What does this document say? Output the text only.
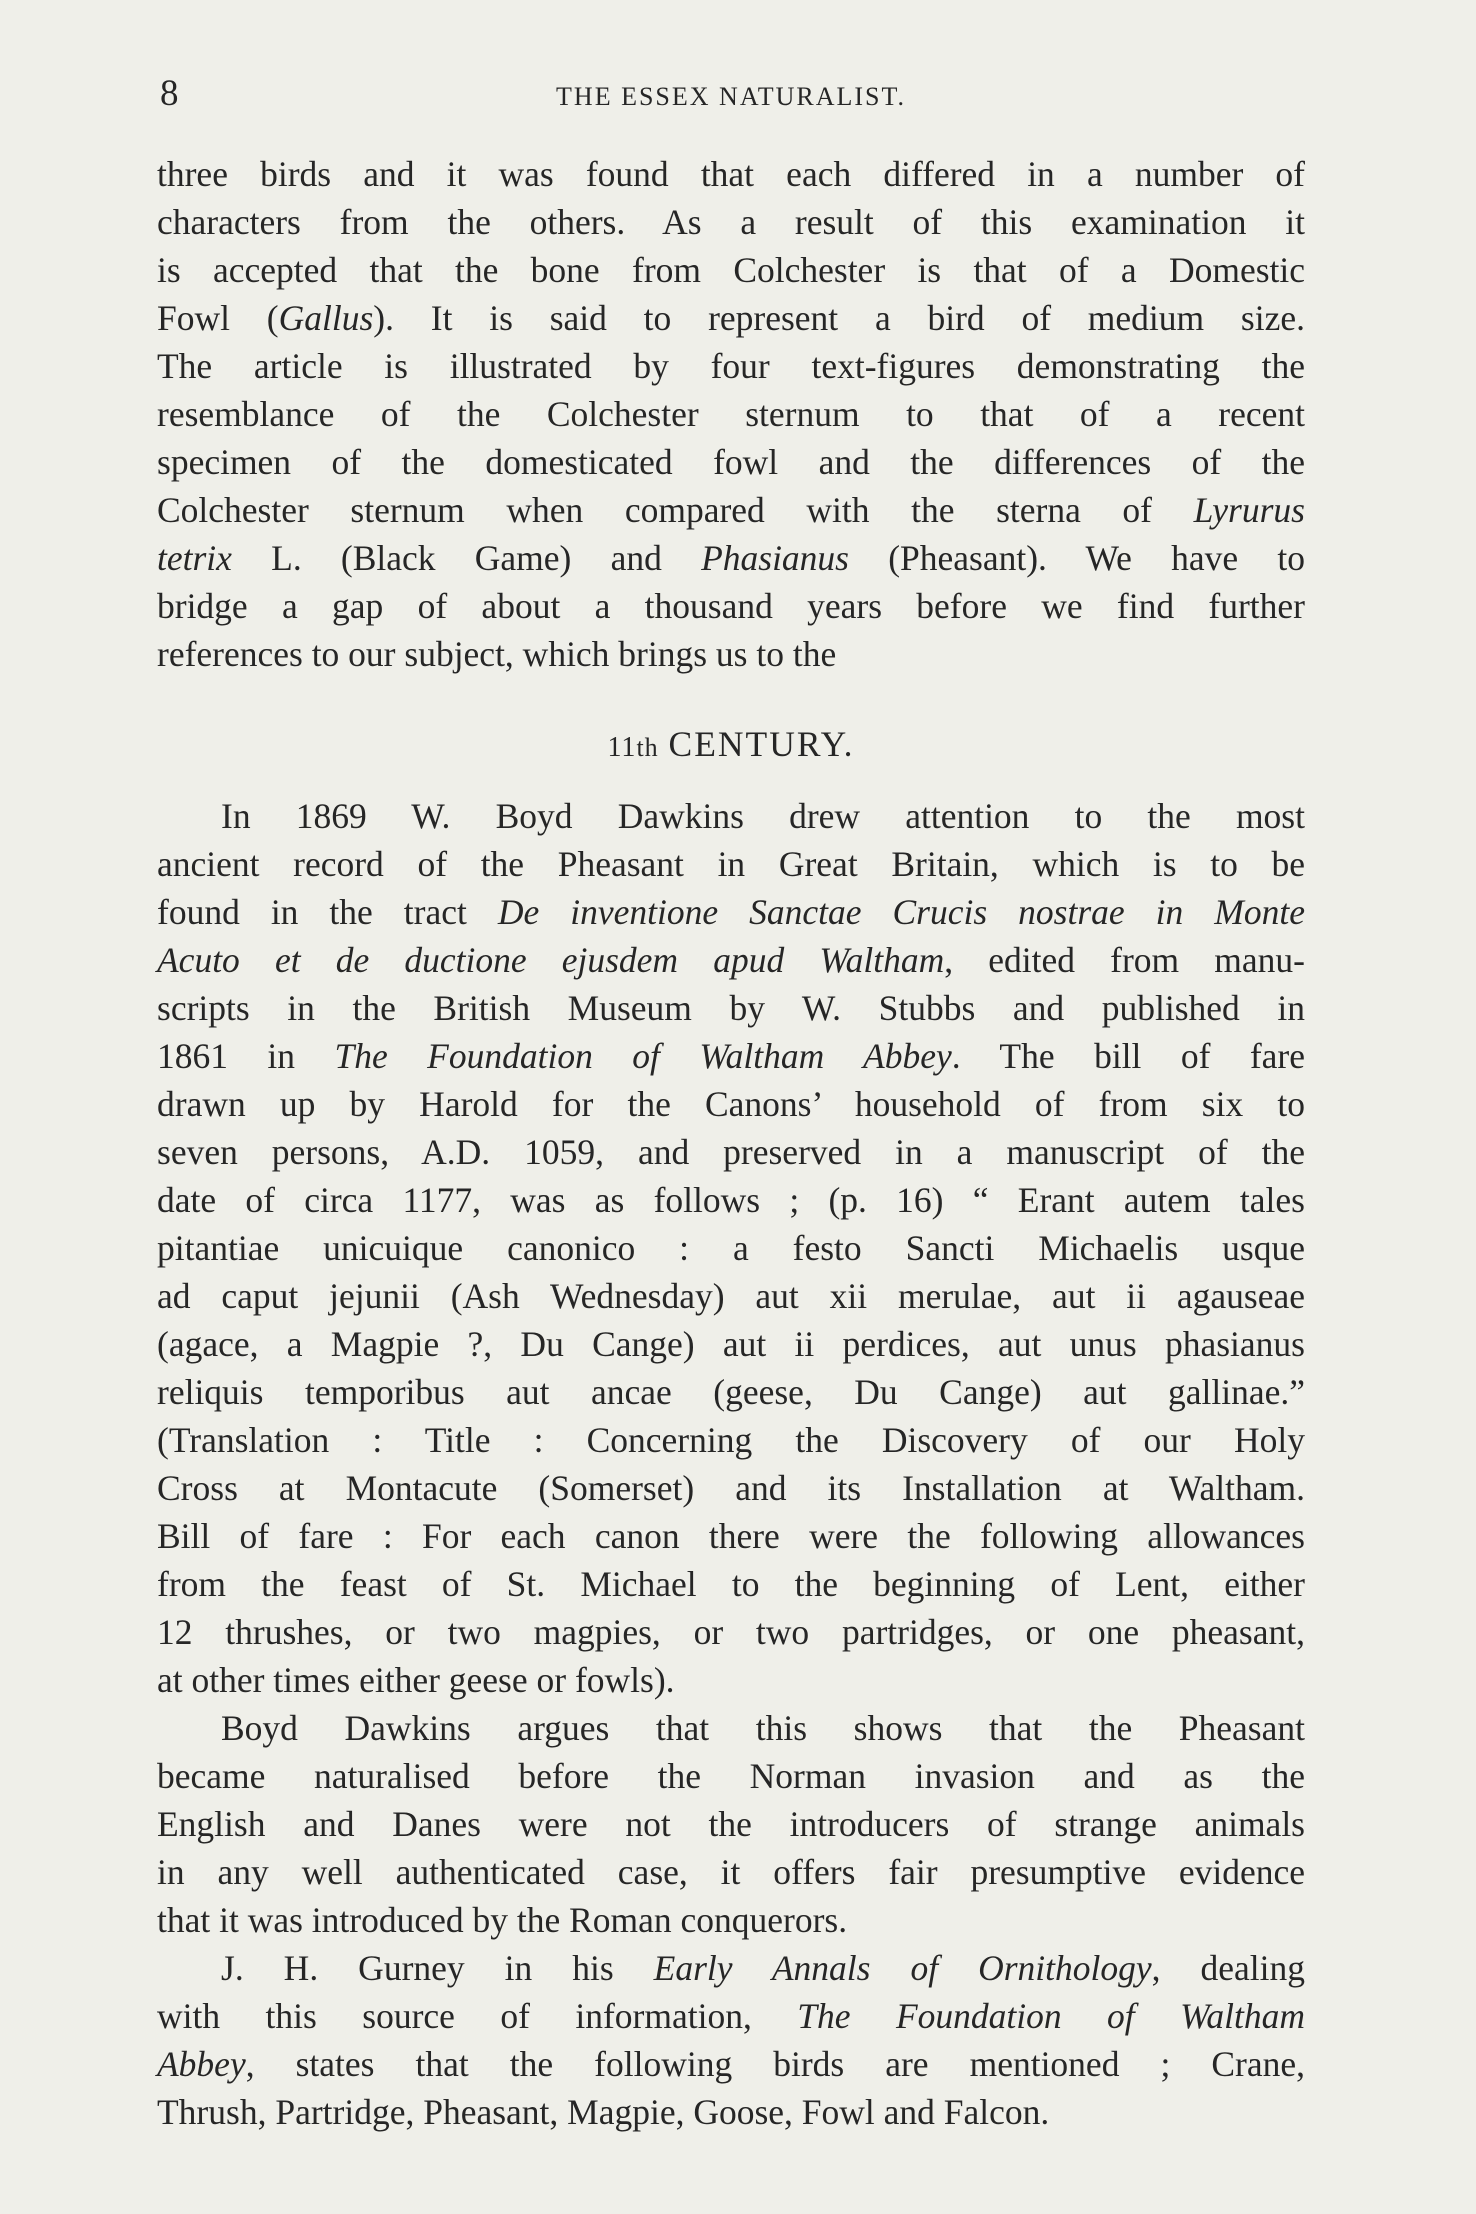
8	THE ESSEX NATURALIST.

three birds and it was found that each differed in a number of
characters from the others. As a result of this examination it
is accepted that the bone from Colchester is that of a Domestic
Fowl (Gallus). It is said to represent a bird of medium size.
The article is illustrated by four text-figures demonstrating the
resemblance of the Colchester sternum to that of a recent
specimen of the domesticated fowl and the differences of the
Colchester sternum when compared with the sterna of Lyrurus
tetrix L. (Black Game) and Phasianus (Pheasant). We have to
bridge a gap of about a thousand years before we find further
references to our subject, which brings us to the

11th CENTURY.

In 1869 W. Boyd Dawkins drew attention to the most
ancient record of the Pheasant in Great Britain, which is to be
found in the tract De inventione Sanctae Crucis nostrae in Monte
Acuto et de ductione ejusdem apud Waltham, edited from manu-
scripts in the British Museum by W. Stubbs and published in
1861 in The Foundation of Waltham Abbey. The bill of fare
drawn up by Harold for the Canons’ household of from six to
seven persons, A.D. 1059, and preserved in a manuscript of the
date of circa 1177, was as follows ; (p. 16) “ Erant autem tales
pitantiae unicuique canonico : a festo Sancti Michaelis usque
ad caput jejunii (Ash Wednesday) aut xii merulae, aut ii agauseae
(agace, a Magpie ?, Du Cange) aut ii perdices, aut unus phasianus
reliquis temporibus aut ancae (geese, Du Cange) aut gallinae.”
(Translation : Title : Concerning the Discovery of our Holy
Cross at Montacute (Somerset) and its Installation at Waltham.
Bill of fare : For each canon there were the following allowances
from the feast of St. Michael to the beginning of Lent, either
12 thrushes, or two magpies, or two partridges, or one pheasant,
at other times either geese or fowls).

Boyd Dawkins argues that this shows that the Pheasant
became naturalised before the Norman invasion and as the
English and Danes were not the introducers of strange animals
in any well authenticated case, it offers fair presumptive evidence
that it was introduced by the Roman conquerors.

J. H. Gurney in his Early Annals of Ornithology, dealing
with this source of information, The Foundation of Waltham
Abbey, states that the following birds are mentioned ; Crane,
Thrush, Partridge, Pheasant, Magpie, Goose, Fowl and Falcon.
